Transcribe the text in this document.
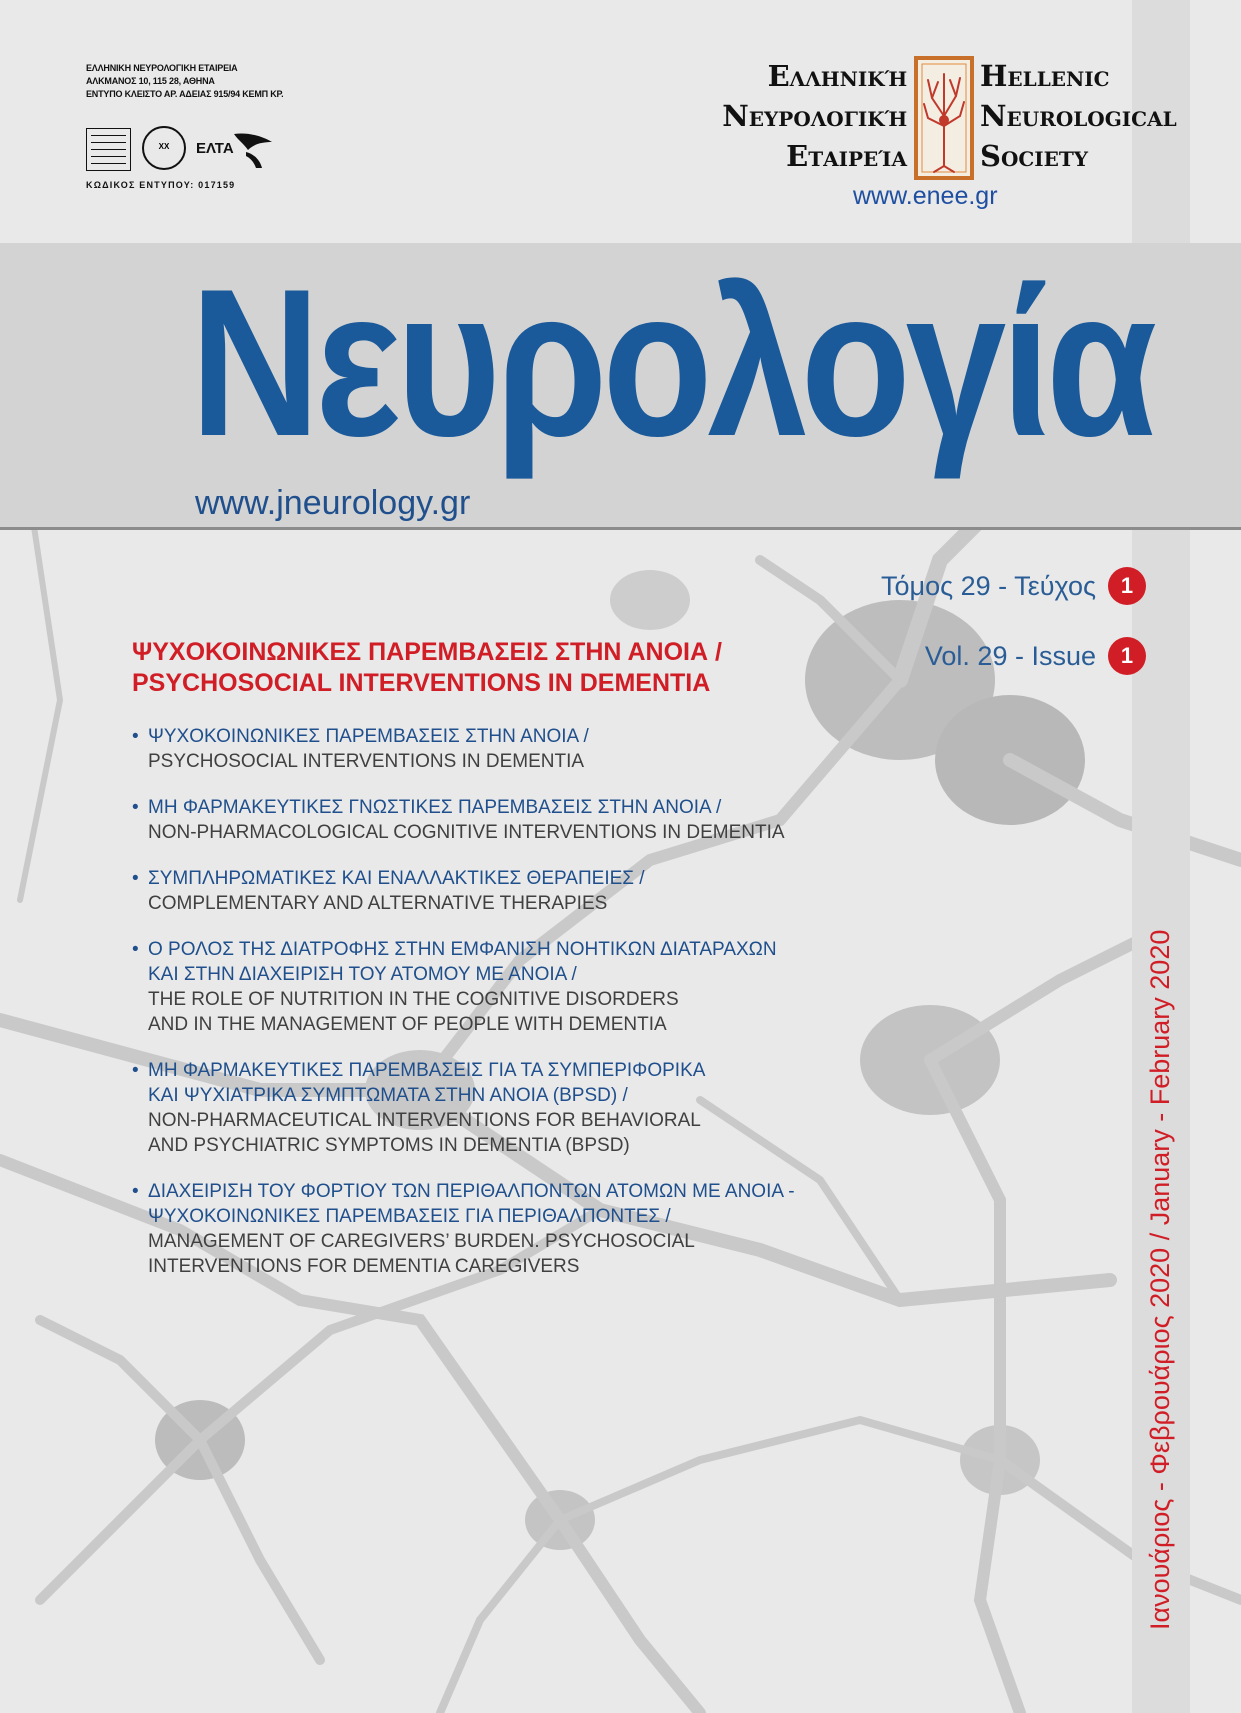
ΕΛΛΗΝΙΚΗ ΝΕΥΡΟΛΟΓΙΚΗ ΕΤΑΙΡΕΙΑ
ΑΛΚΜΑΝΟΣ 10, 115 28, ΑΘΗΝΑ
ΕΝΤΥΠΟ ΚΛΕΙΣΤΟ ΑΡ. ΑΔΕΙΑΣ 915/94 ΚΕΜΠ ΚΡ.
ΧΧ	ΕΛΤΑ
ΚΩΔΙΚΟΣ ΕΝΤΥΠΟΥ: 017159
Ελληνική
Νευρολογική
Εταιρεία
Hellenic
Neurological
Society
www.enee.gr
Νευρολογία
www.jneurology.gr
Τόμος 29 - Τεύχος	1
Vol. 29 - Issue	1
ΨΥΧΟΚΟΙΝΩΝΙΚΕΣ ΠΑΡΕΜΒΑΣΕΙΣ ΣΤΗΝ ΑΝΟΙΑ /
PSYCHOSOCIAL INTERVENTIONS IN DEMENTIA
• ΨΥΧΟΚΟΙΝΩΝΙΚΕΣ ΠΑΡΕΜΒΑΣΕΙΣ ΣΤΗΝ ΑΝΟΙΑ /
PSYCHOSOCIAL INTERVENTIONS IN DEMENTIA
• ΜΗ ΦΑΡΜΑΚΕΥΤΙΚΕΣ ΓΝΩΣΤΙΚΕΣ ΠΑΡΕΜΒΑΣΕΙΣ ΣΤΗΝ ΑΝΟΙΑ /
NON-PHARMACOLOGICAL COGNITIVE INTERVENTIONS IN DEMENTIA
• ΣΥΜΠΛΗΡΩΜΑΤΙΚΕΣ ΚΑΙ ΕΝΑΛΛΑΚΤΙΚΕΣ ΘΕΡΑΠΕΙΕΣ /
COMPLEMENTARY AND ALTERNATIVE THERAPIES
• Ο ΡΟΛΟΣ ΤΗΣ ΔΙΑΤΡΟΦΗΣ ΣΤΗΝ ΕΜΦΑΝΙΣΗ ΝΟΗΤΙΚΩΝ ΔΙΑΤΑΡΑΧΩΝ
ΚΑΙ ΣΤΗΝ ΔΙΑΧΕΙΡΙΣΗ ΤΟΥ ΑΤΟΜΟΥ ΜΕ ΑΝΟΙΑ /
THE ROLE OF NUTRITION IN THE COGNITIVE DISORDERS
AND IN THE MANAGEMENT OF PEOPLE WITH DEMENTIA
• ΜΗ ΦΑΡΜΑΚΕΥΤΙΚΕΣ ΠΑΡΕΜΒΑΣΕΙΣ ΓΙΑ ΤΑ ΣΥΜΠΕΡΙΦΟΡΙΚΑ
ΚΑΙ ΨΥΧΙΑΤΡΙΚΑ ΣΥΜΠΤΩΜΑΤΑ ΣΤΗΝ ΑΝΟΙΑ (BPSD) /
NON-PHARMACEUTICAL INTERVENTIONS FOR BEHAVIORAL
AND PSYCHIATRIC SYMPTOMS IN DEMENTIA (BPSD)
• ΔΙΑΧΕΙΡΙΣΗ ΤΟΥ ΦΟΡΤΙΟΥ ΤΩΝ ΠΕΡΙΘΑΛΠΟΝΤΩΝ ΑΤΟΜΩΝ ΜΕ ΑΝΟΙΑ -
ΨΥΧΟΚΟΙΝΩΝΙΚΕΣ ΠΑΡΕΜΒΑΣΕΙΣ ΓΙΑ ΠΕΡΙΘΑΛΠΟΝΤΕΣ /
MANAGEMENT OF CAREGIVERS’ BURDEN. PSYCHOSOCIAL
INTERVENTIONS FOR DEMENTIA CAREGIVERS	Ιανουάριος - Φεβρουάριος 2020 / January - February 2020
